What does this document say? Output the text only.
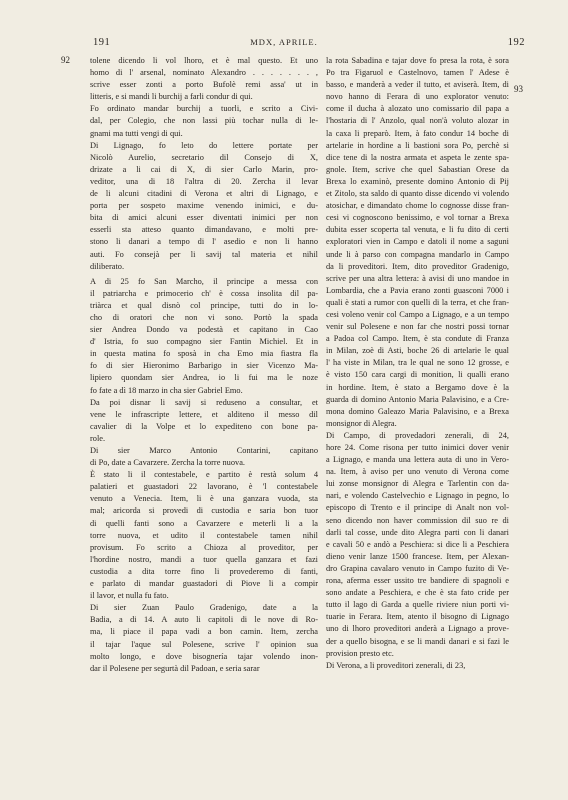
191	MDX, APRILE.	192
92
93
tolene dicendo li vol lhoro, et è mal questo. Et uno
homo di l' arsenal, nominato Alexandro . . . . . . . ,
scrive esser zonti a porto Bufolè remi assa' ut in
litteris, e si mandi li burchij a farli condur di qui.
Fo ordinato mandar burchij a tuorli, e scrito a Civi-
dal, per Colegio, che non lassi più tochar nulla di le-
gnami ma tutti vengi di qui.
Di Lignago, fo leto do lettere portate per
Nicolò Aurelio, secretario dil Consejo di X,
drizate a li cai di X, di sier Carlo Marin, pro-
veditor, una di 18 l'altra di 20. Zercha il levar
de li alcuni citadini di Verona et altri di Lignago, e
porta per sospeto maxime venendo inimici, e du-
bita di amici alcuni esser diventati inimici per non
esserli sta atteso quanto dimandavano, e molti pre-
stono li danari a tempo di l' asedio e non li hanno
auti. Fo consejà per li savij tal materia et nihil
diliberato.
A di 25 fo San Marcho, il principe a messa con
il patriarcha e primocerio ch' è cossa insolita dil pa-
triàrca et qual disnò col principe, tutti do in lo-
cho di oratori che non vi sono. Portò la spada
sier Andrea Dondo va podestà et capitano in Cao
d' Istria, fo suo compagno sier Fantin Michiel. Et in
in questa matina fo sposà in cha Emo mia fiastra fla
fo di sier Hieronimo Barbarigo in sier Vicenzo Ma-
lipiero quondam sier Andrea, io li fui ma le noze
fo fate a dì 18 marzo in cha sier Gabriel Emo.
Da poi disnar li savij si reduseno a consultar, et
vene le infrascripte lettere, et alditeno il messo dil
cavalier di la Volpe et lo expediteno con bone pa-
role.
Di sier Marco Antonio Contarini, capitano
di Po, date a Cavarzere. Zercha la torre nuova.
È stato li il contestabele, e partito è restà solum 4
palatieri et guastadori 22 lavorano, è 'l contestabele
venuto a Venecia. Item, li è una ganzara vuoda, sta
mal; aricorda si provedi di custodia e saria bon tuor
di quelli fanti sono a Cavarzere e meterli li a la
torre nuova, et udito il contestabele tamen nihil
provisum. Fo scrito a Chioza al proveditor, per
l'hordine nostro, mandi a tuor quella ganzara et fazi
custodia a dita torre fino li provederemo di fanti,
e parlato di mandar guastadori di Piove li a compir
il lavor, et nulla fu fato.
Di sier Zuan Paulo Gradenigo, date a la
Badia, a di 14. A auto li capitoli di le nove di Ro-
ma, li piace il papa vadi a bon camin. Item, zercha
il tajar l'aque sul Polesene, scrive l' opinion sua
molto longo, e dove bisognería tajar volendo inon-
dar il Polesene per segurtà dil Padoan, e seria sarar
la rota Sabadina e tajar dove fo presa la rota, è sora
Po tra Figaruol e Castelnovo, tamen l' Adese è
basso, e manderà a veder il tutto, et aviserà. Item, di
novo hanno di Ferara di uno explorator venuto:
come il ducha à alozato uno comissario dil papa a
l'hostaria di l' Anzolo, qual non'à voluto alozar in
la caxa li preparò. Item, à fato condur 14 boche di
artelarie in hordine a li bastioni sora Po, perchè si
dice tene di la nostra armata et aspeta le zente spa-
gnole. Item, scrive che quel Sabastian Orese da
Brexa lo examinò, presente domino Antonio di Pij
et Zitolo, sta saldo di quanto disse dicendo vi volendo
atosichar, e dimandato chome lo cognosse disse fran-
cesi vi cognoscono benissimo, e vol tornar a Brexa
dubita esser scoperta tal venuta, e li fu dito di certi
exploratori vien in Campo e datoli il nome a saguni
unde li à parso con compagna mandarlo in Campo
da li proveditori. Item, dito proveditor Gradenigo,
scrive per una altra lettera: à avisi di uno mandoe in
Lombardia, che a Pavia erano zonti guasconi 7000 i
quali è stati a rumor con quelli di la terra, et che fran-
cesi voleno venir col Campo a Lignago, e a un tempo
venir sul Polesene e non far che nostri possi tornar
a Padoa col Campo. Item, è sta condute di Franza
in Milan, zoè di Asti, boche 26 di artelarie le qual
l' ha viste in Milan, tra le qual ne sono 12 grosse, e
è visto 150 cara cargi di monition, li qualli erano
in hordine. Item, è stato a Bergamo dove è la
guarda di domino Antonio Maria Palavisino, e a Cre-
mona domino Galeazo Maria Palavisino, e a Brexa
monsignor di Alegra.
Di Campo, di provedadori zenerali, di 24,
hore 24. Come risona per tutto inimici dover venir
a Lignago, e manda una lettera auta di uno in Vero-
na. Item, à aviso per uno venuto di Verona come
lui zonse monsignor di Alegra e Tarlentin con da-
nari, e volendo Castelvechio e Lignago in pegno, lo
episcopo di Trento e il principe di Analt non vol-
seno dicendo non haver commission dil suo re di
darli tal cosse, unde dito Alegra parti con li danari
e cavali 50 e andò a Peschiera: si dice li a Peschiera
dieno venir lanze 1500 francese. Item, per Alexan-
dro Grapina cavalaro venuto in Campo fuzito di Ve-
rona, aferma esser ussito tre bandiere di spagnoli e
sono andate a Peschiera, e che è sta fato cride per
tutto il lago di Garda a quelle riviere niun porti vi-
tuarie in Ferara. Item, atento il bisogno di Lignago
uno di lhoro proveditori anderà a Lignago a prove-
der a quello bisogna, e se li mandi danari e si fazi le
provision presto etc.
Di Verona, a li proveditori zenerali, di 23,
